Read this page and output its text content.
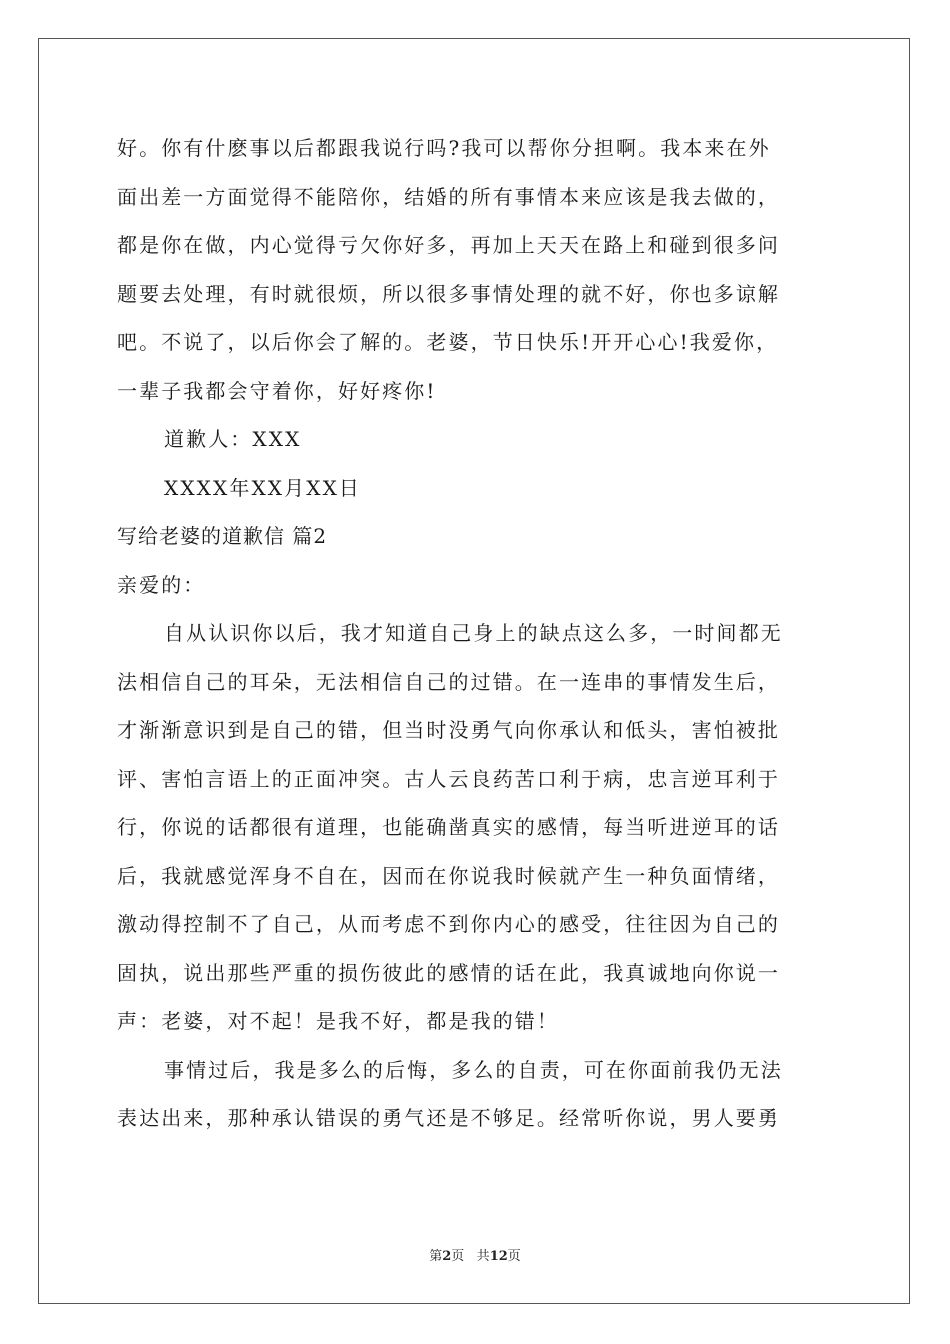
好。你有什麽事以后都跟我说行吗?我可以帮你分担啊。我本来在外
面出差一方面觉得不能陪你，结婚的所有事情本来应该是我去做的，
都是你在做，内心觉得亏欠你好多，再加上天天在路上和碰到很多问
题要去处理，有时就很烦，所以很多事情处理的就不好，你也多谅解
吧。不说了，以后你会了解的。老婆，节日快乐!开开心心!我爱你，
一辈子我都会守着你，好好疼你!
道歉人：XXX
XXXX年XX月XX日
写给老婆的道歉信 篇2
亲爱的：
自从认识你以后，我才知道自己身上的缺点这么多，一时间都无
法相信自己的耳朵，无法相信自己的过错。在一连串的事情发生后，
才渐渐意识到是自己的错，但当时没勇气向你承认和低头，害怕被批
评、害怕言语上的正面冲突。古人云良药苦口利于病，忠言逆耳利于
行，你说的话都很有道理，也能确凿真实的感情，每当听进逆耳的话
后，我就感觉浑身不自在，因而在你说我时候就产生一种负面情绪，
激动得控制不了自己，从而考虑不到你内心的感受，往往因为自己的
固执，说出那些严重的损伤彼此的感情的话在此，我真诚地向你说一
声：老婆，对不起！是我不好，都是我的错！
事情过后，我是多么的后悔，多么的自责，可在你面前我仍无法
表达出来，那种承认错误的勇气还是不够足。经常听你说，男人要勇
第2页 共12页
